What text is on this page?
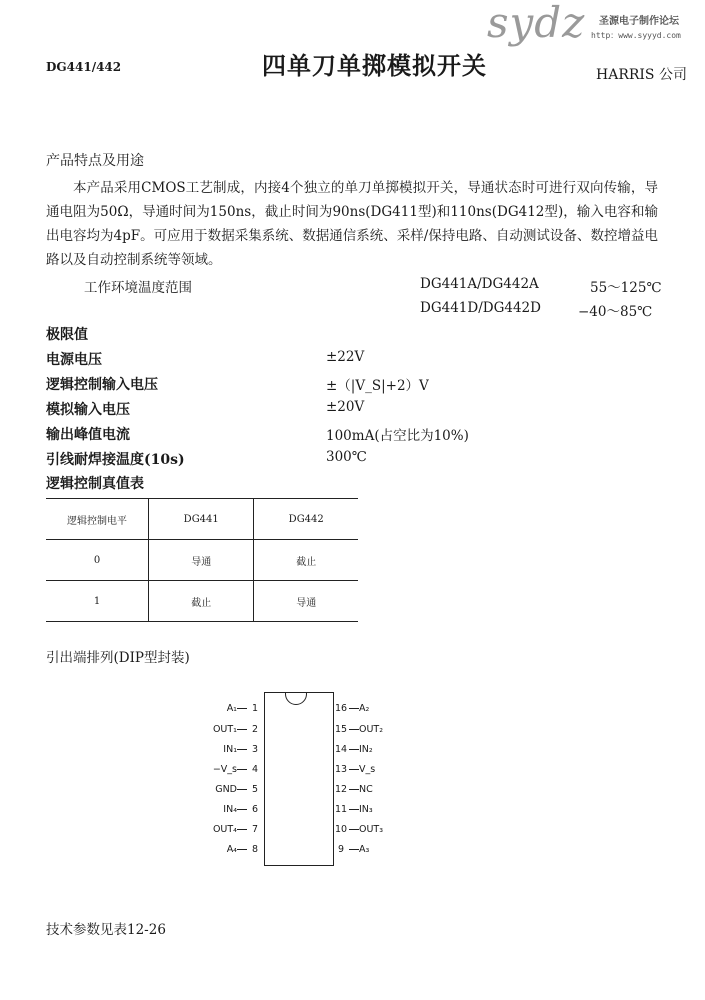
DG441/442	四单刀单掷模拟开关	HARRIS 公司
sydz 圣源电子制作论坛
http：www.syyyd.com
产品特点及用途
本产品采用CMOS工艺制成，内接4个独立的单刀单掷模拟开关，导通状态时可进行双向传输，导通电阻为50Ω，导通时间为150ns，截止时间为90ns(DG411型)和110ns(DG412型)，输入电容和输出电容均为4pF。可应用于数据采集系统、数据通信系统、采样/保持电路、自动测试设备、数控增益电路以及自动控制系统等领域。
工作环境温度范围	DG441A/DG442A	55～125℃
DG441D/DG442D	−40～85℃
极限值
电源电压	±22V
逻辑控制输入电压	±（|V_S|+2）V
模拟输入电压	±20V
输出峰值电流	100mA(占空比为10%)
引线耐焊接温度(10s)	300℃
逻辑控制真值表
逻辑控制电平	DG441	DG442
0	导通	截止
1	截止	导通
引出端排列(DIP型封装)
A₁	1
OUT₁	2
IN₁	3
−V_s	4
GND	5
IN₄	6
OUT₄	7
A₄	8
16 A₂
15 OUT₂
14 IN₂
13 V_s
12 NC
11 IN₃
10 OUT₃
9	A₃
技术参数见表12-26
